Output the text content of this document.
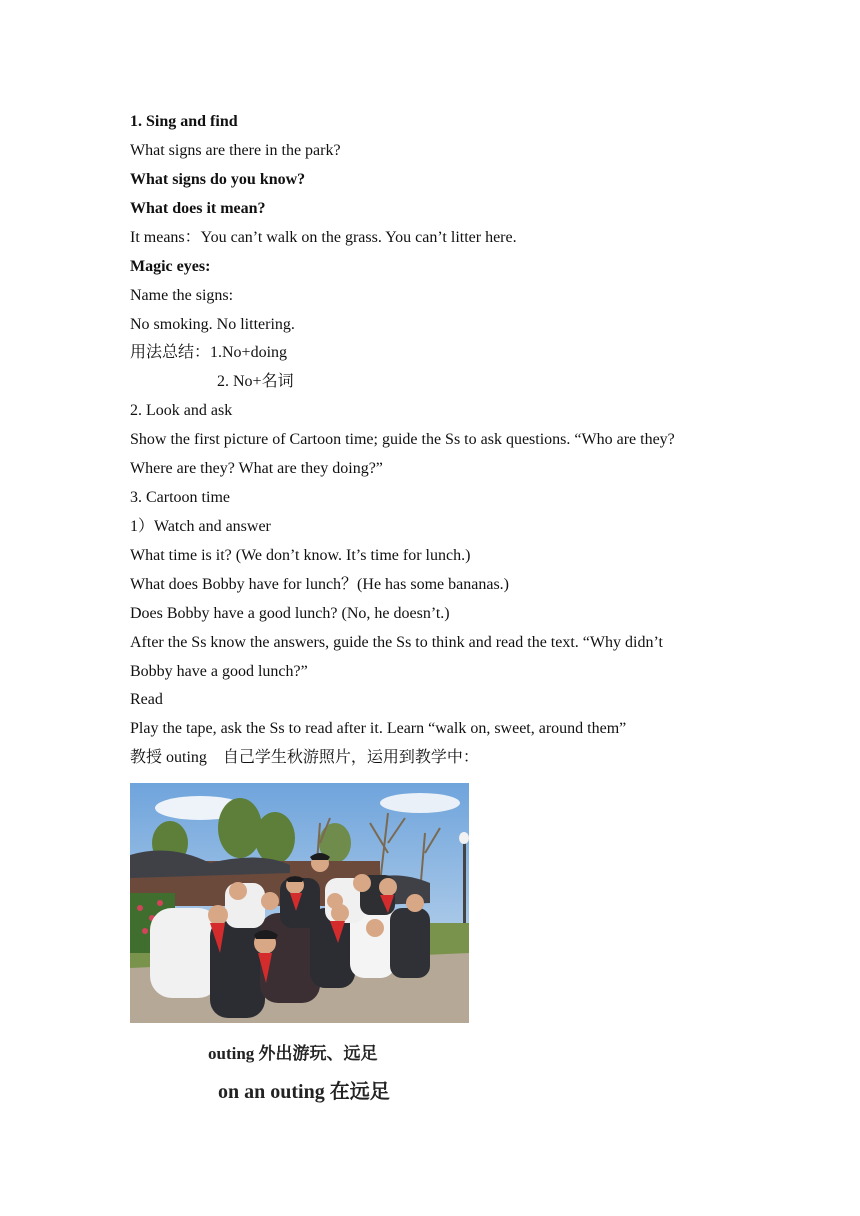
1. Sing and find
What signs are there in the park?
What signs do you know?
What does it mean?
It means：You can’t walk on the grass. You can’t litter here.
Magic eyes:
Name the signs:
No smoking. No littering.
用法总结：1.No+doing
2. No+名词
2. Look and ask
Show the first picture of Cartoon time; guide the Ss to ask questions. “Who are they?
Where are they? What are they doing?”
3. Cartoon time
1）Watch and answer
What time is it? (We don’t know. It’s time for lunch.)
What does Bobby have for lunch？(He has some bananas.)
Does Bobby have a good lunch? (No, he doesn’t.)
After the Ss know the answers, guide the Ss to think and read the text. “Why didn’t
Bobby have a good lunch?”
Read
Play the tape, ask the Ss to read after it. Learn “walk on, sweet, around them”
教授 outing　自己学生秋游照片，运用到教学中：
outing 外出游玩、远足
on an outing 在远足
